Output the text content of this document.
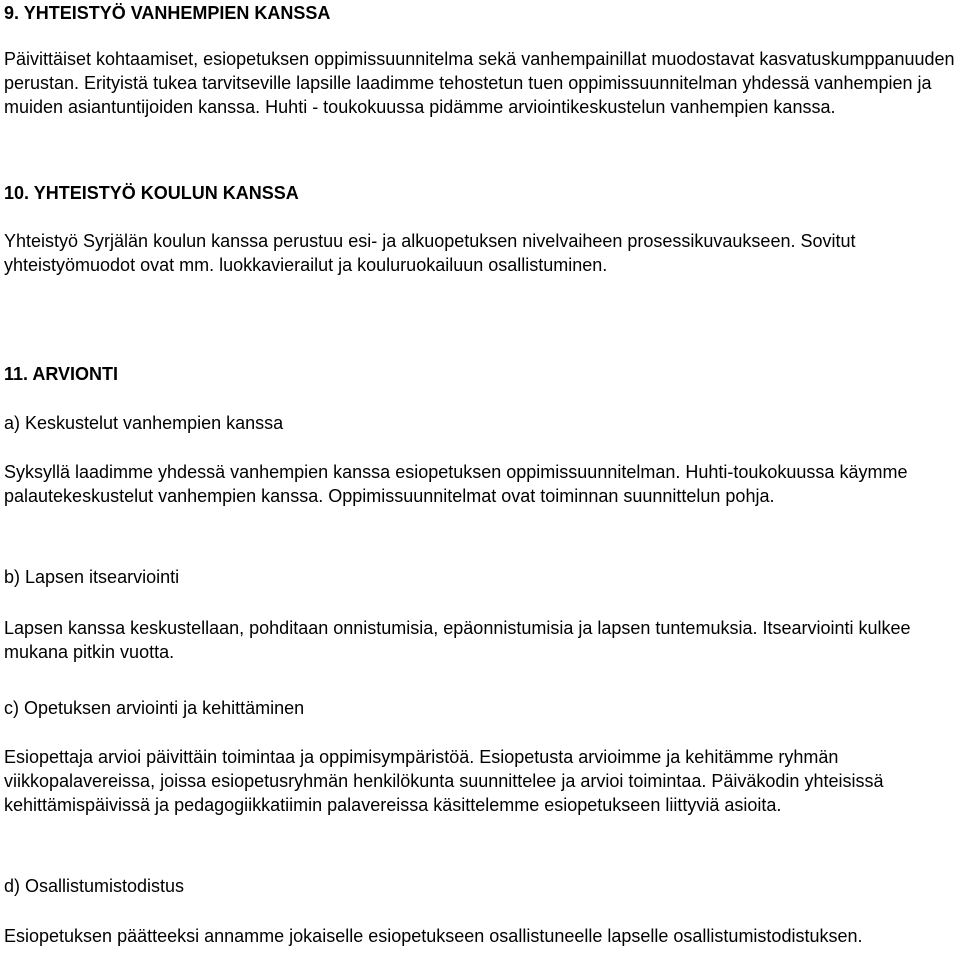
9. YHTEISTYÖ VANHEMPIEN KANSSA

Päivittäiset kohtaamiset, esiopetuksen oppimissuunnitelma sekä vanhempainillat muodostavat kasvatuskumppanuuden perustan. Erityistä tukea tarvitseville lapsille laadimme tehostetun tuen oppimissuunnitelman yhdessä vanhempien ja muiden asiantuntijoiden kanssa. Huhti - toukokuussa pidämme arviointikeskustelun vanhempien kanssa.

10. YHTEISTYÖ KOULUN KANSSA

Yhteistyö Syrjälän koulun kanssa perustuu esi- ja alkuopetuksen nivelvaiheen prosessikuvaukseen. Sovitut yhteistyömuodot ovat mm. luokkavierailut ja kouluruokailuun osallistuminen.

11. ARVIONTI

a) Keskustelut vanhempien kanssa

Syksyllä laadimme yhdessä vanhempien kanssa esiopetuksen oppimissuunnitelman. Huhti-toukokuussa käymme palautekeskustelut vanhempien kanssa. Oppimissuunnitelmat ovat toiminnan suunnittelun pohja.

b) Lapsen itsearviointi

Lapsen kanssa keskustellaan, pohditaan onnistumisia, epäonnistumisia ja lapsen tuntemuksia. Itsearviointi kulkee mukana pitkin vuotta.

c) Opetuksen arviointi ja kehittäminen

Esiopettaja arvioi päivittäin toimintaa ja oppimisympäristöä. Esiopetusta arvioimme ja kehitämme ryhmän viikkopalavereissa, joissa esiopetusryhmän henkilökunta suunnittelee ja arvioi toimintaa. Päiväkodin yhteisissä kehittämispäivissä ja pedagogiikkatiimin palavereissa käsittelemme esiopetukseen liittyviä asioita.

d) Osallistumistodistus

Esiopetuksen päätteeksi annamme jokaiselle esiopetukseen osallistuneelle lapselle osallistumistodistuksen.
